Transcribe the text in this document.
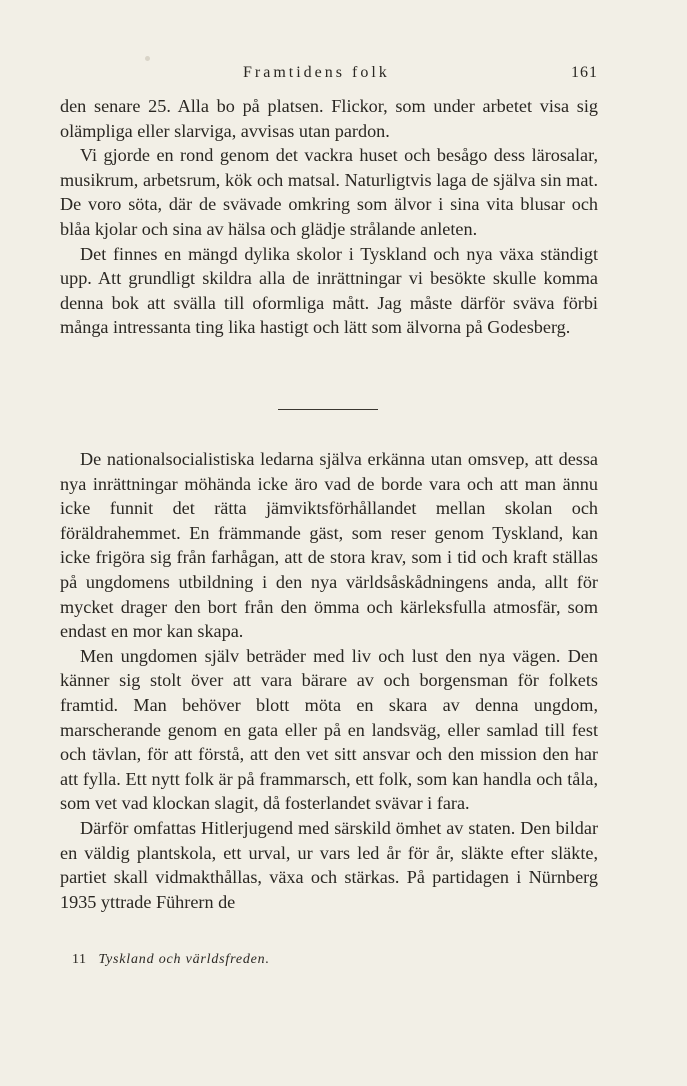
Framtidens folk	161

den senare 25. Alla bo på platsen. Flickor, som under arbetet visa sig olämpliga eller slarviga, avvisas utan pardon.

Vi gjorde en rond genom det vackra huset och besågo dess lärosalar, musikrum, arbetsrum, kök och matsal. Naturligtvis laga de själva sin mat. De voro söta, där de svävade omkring som älvor i sina vita blusar och blåa kjolar och sina av hälsa och glädje strålande anleten.

Det finnes en mängd dylika skolor i Tyskland och nya växa ständigt upp. Att grundligt skildra alla de inrättningar vi besökte skulle komma denna bok att svälla till oformliga mått. Jag måste därför sväva förbi många intressanta ting lika hastigt och lätt som älvorna på Godesberg.

De nationalsocialistiska ledarna själva erkänna utan omsvep, att dessa nya inrättningar möhända icke äro vad de borde vara och att man ännu icke funnit det rätta jämviktsförhållandet mellan skolan och föräldrahemmet. En främmande gäst, som reser genom Tyskland, kan icke frigöra sig från farhågan, att de stora krav, som i tid och kraft ställas på ungdomens utbildning i den nya världsåskådningens anda, allt för mycket drager den bort från den ömma och kärleksfulla atmosfär, som endast en mor kan skapa.

Men ungdomen själv beträder med liv och lust den nya vägen. Den känner sig stolt över att vara bärare av och borgensman för folkets framtid. Man behöver blott möta en skara av denna ungdom, marscherande genom en gata eller på en landsväg, eller samlad till fest och tävlan, för att förstå, att den vet sitt ansvar och den mission den har att fylla. Ett nytt folk är på frammarsch, ett folk, som kan handla och tåla, som vet vad klockan slagit, då fosterlandet svävar i fara.

Därför omfattas Hitlerjugend med särskild ömhet av staten. Den bildar en väldig plantskola, ett urval, ur vars led år för år, släkte efter släkte, partiet skall vidmakthållas, växa och stärkas. På partidagen i Nürnberg 1935 yttrade Führern de

11 Tyskland och världsfreden.
